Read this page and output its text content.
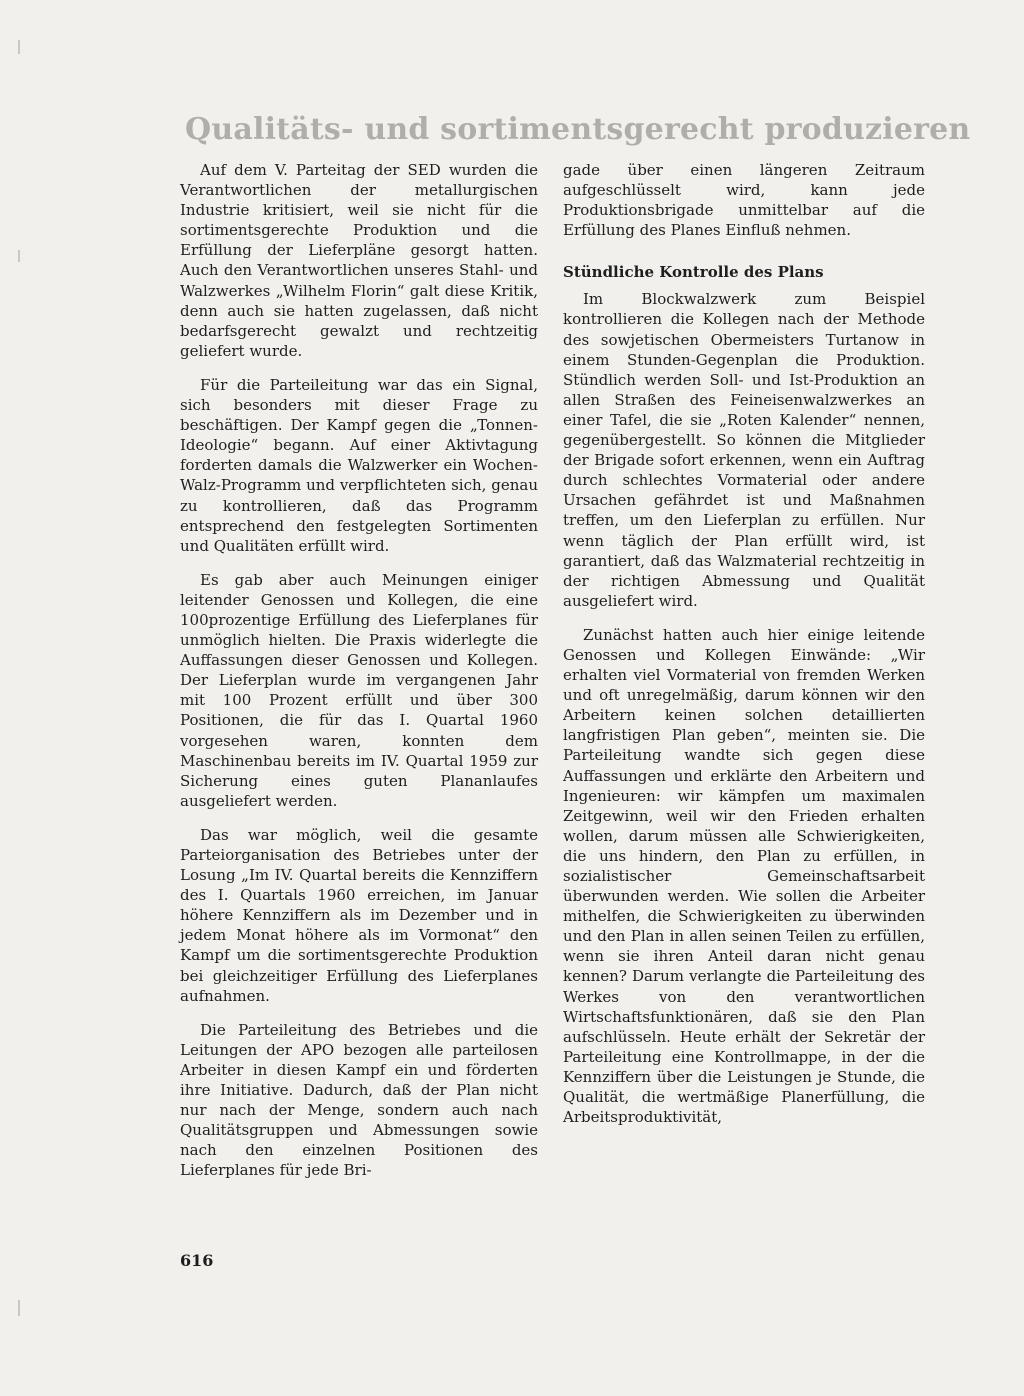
Qualitäts- und sortimentsgerecht produzieren

Auf dem V. Parteitag der SED wurden die Verantwortlichen der metallurgischen Industrie kritisiert, weil sie nicht für die sortimentsgerechte Produktion und die Erfüllung der Lieferpläne gesorgt hatten. Auch den Verantwortlichen unseres Stahl- und Walzwerkes „Wilhelm Florin“ galt diese Kritik, denn auch sie hatten zugelassen, daß nicht bedarfsgerecht gewalzt und rechtzeitig geliefert wurde.

Für die Parteileitung war das ein Signal, sich besonders mit dieser Frage zu beschäftigen. Der Kampf gegen die „Tonnen-Ideologie“ begann. Auf einer Aktivtagung forderten damals die Walzwerker ein Wochen-Walz-Programm und verpflichteten sich, genau zu kontrollieren, daß das Programm entsprechend den festgelegten Sortimenten und Qualitäten erfüllt wird.

Es gab aber auch Meinungen einiger leitender Genossen und Kollegen, die eine 100prozentige Erfüllung des Lieferplanes für unmöglich hielten. Die Praxis widerlegte die Auffassungen dieser Genossen und Kollegen. Der Lieferplan wurde im vergangenen Jahr mit 100 Prozent erfüllt und über 300 Positionen, die für das I. Quartal 1960 vorgesehen waren, konnten dem Maschinenbau bereits im IV. Quartal 1959 zur Sicherung eines guten Plananlaufes ausgeliefert werden.

Das war möglich, weil die gesamte Parteiorganisation des Betriebes unter der Losung „Im IV. Quartal bereits die Kennziffern des I. Quartals 1960 erreichen, im Januar höhere Kennziffern als im Dezember und in jedem Monat höhere als im Vormonat“ den Kampf um die sortimentsgerechte Produktion bei gleichzeitiger Erfüllung des Lieferplanes aufnahmen.

Die Parteileitung des Betriebes und die Leitungen der APO bezogen alle parteilosen Arbeiter in diesen Kampf ein und förderten ihre Initiative. Dadurch, daß der Plan nicht nur nach der Menge, sondern auch nach Qualitätsgruppen und Abmessungen sowie nach den einzelnen Positionen des Lieferplanes für jede Bri-

gade über einen längeren Zeitraum aufgeschlüsselt wird, kann jede Produktionsbrigade unmittelbar auf die Erfüllung des Planes Einfluß nehmen.

Stündliche Kontrolle des Plans

Im Blockwalzwerk zum Beispiel kontrollieren die Kollegen nach der Methode des sowjetischen Obermeisters Turtanow in einem Stunden-Gegenplan die Produktion. Stündlich werden Soll- und Ist-Produktion an allen Straßen des Feineisenwalzwerkes an einer Tafel, die sie „Roten Kalender“ nennen, gegenübergestellt. So können die Mitglieder der Brigade sofort erkennen, wenn ein Auftrag durch schlechtes Vormaterial oder andere Ursachen gefährdet ist und Maßnahmen treffen, um den Lieferplan zu erfüllen. Nur wenn täglich der Plan erfüllt wird, ist garantiert, daß das Walzmaterial rechtzeitig in der richtigen Abmessung und Qualität ausgeliefert wird.

Zunächst hatten auch hier einige leitende Genossen und Kollegen Einwände: „Wir erhalten viel Vormaterial von fremden Werken und oft unregelmäßig, darum können wir den Arbeitern keinen solchen detaillierten langfristigen Plan geben“, meinten sie. Die Parteileitung wandte sich gegen diese Auffassungen und erklärte den Arbeitern und Ingenieuren: wir kämpfen um maximalen Zeitgewinn, weil wir den Frieden erhalten wollen, darum müssen alle Schwierigkeiten, die uns hindern, den Plan zu erfüllen, in sozialistischer Gemeinschaftsarbeit überwunden werden. Wie sollen die Arbeiter mithelfen, die Schwierigkeiten zu überwinden und den Plan in allen seinen Teilen zu erfüllen, wenn sie ihren Anteil daran nicht genau kennen? Darum verlangte die Parteileitung des Werkes von den verantwortlichen Wirtschaftsfunktionären, daß sie den Plan aufschlüsseln. Heute erhält der Sekretär der Parteileitung eine Kontrollmappe, in der die Kennziffern über die Leistungen je Stunde, die Qualität, die wertmäßige Planerfüllung, die Arbeitsproduktivität,

616
